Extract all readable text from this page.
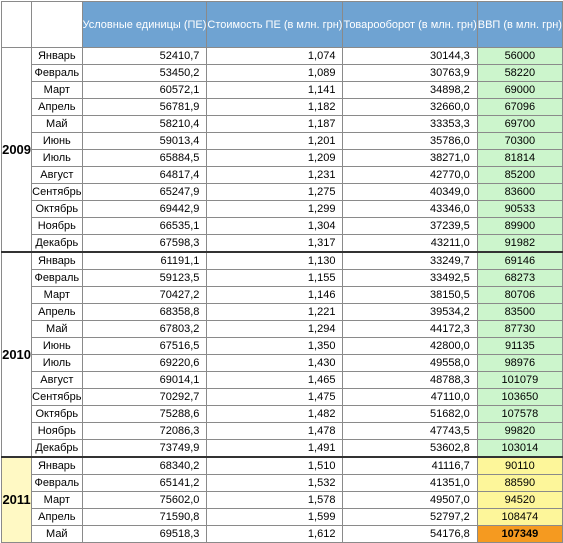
		Условные единицы (ПЕ)	Стоимость ПЕ (в млн. грн)	Товарооборот (в млн. грн)	ВВП (в млн. грн)
2009	Январь	52410,7	1,074	30144,3	56000
	Февраль	53450,2	1,089	30763,9	58220
	Март	60572,1	1,141	34898,2	69000
	Апрель	56781,9	1,182	32660,0	67096
	Май	58210,4	1,187	33353,3	69700
	Июнь	59013,4	1,201	35786,0	70300
	Июль	65884,5	1,209	38271,0	81814
	Август	64817,4	1,231	42770,0	85200
	Сентябрь	65247,9	1,275	40349,0	83600
	Октябрь	69442,9	1,299	43346,0	90533
	Ноябрь	66535,1	1,304	37239,5	89900
	Декабрь	67598,3	1,317	43211,0	91982
2010	Январь	61191,1	1,130	33249,7	69146
	Февраль	59123,5	1,155	33492,5	68273
	Март	70427,2	1,146	38150,5	80706
	Апрель	68358,8	1,221	39534,2	83500
	Май	67803,2	1,294	44172,3	87730
	Июнь	67516,5	1,350	42800,0	91135
	Июль	69220,6	1,430	49558,0	98976
	Август	69014,1	1,465	48788,3	101079
	Сентябрь	70292,7	1,475	47110,0	103650
	Октябрь	75288,6	1,482	51682,0	107578
	Ноябрь	72086,3	1,478	47743,5	99820
	Декабрь	73749,9	1,491	53602,8	103014
2011	Январь	68340,2	1,510	41116,7	90110
	Февраль	65141,2	1,532	41351,0	88590
	Март	75602,0	1,578	49507,0	94520
	Апрель	71590,8	1,599	52797,2	108474
	Май	69518,3	1,612	54176,8	107349
